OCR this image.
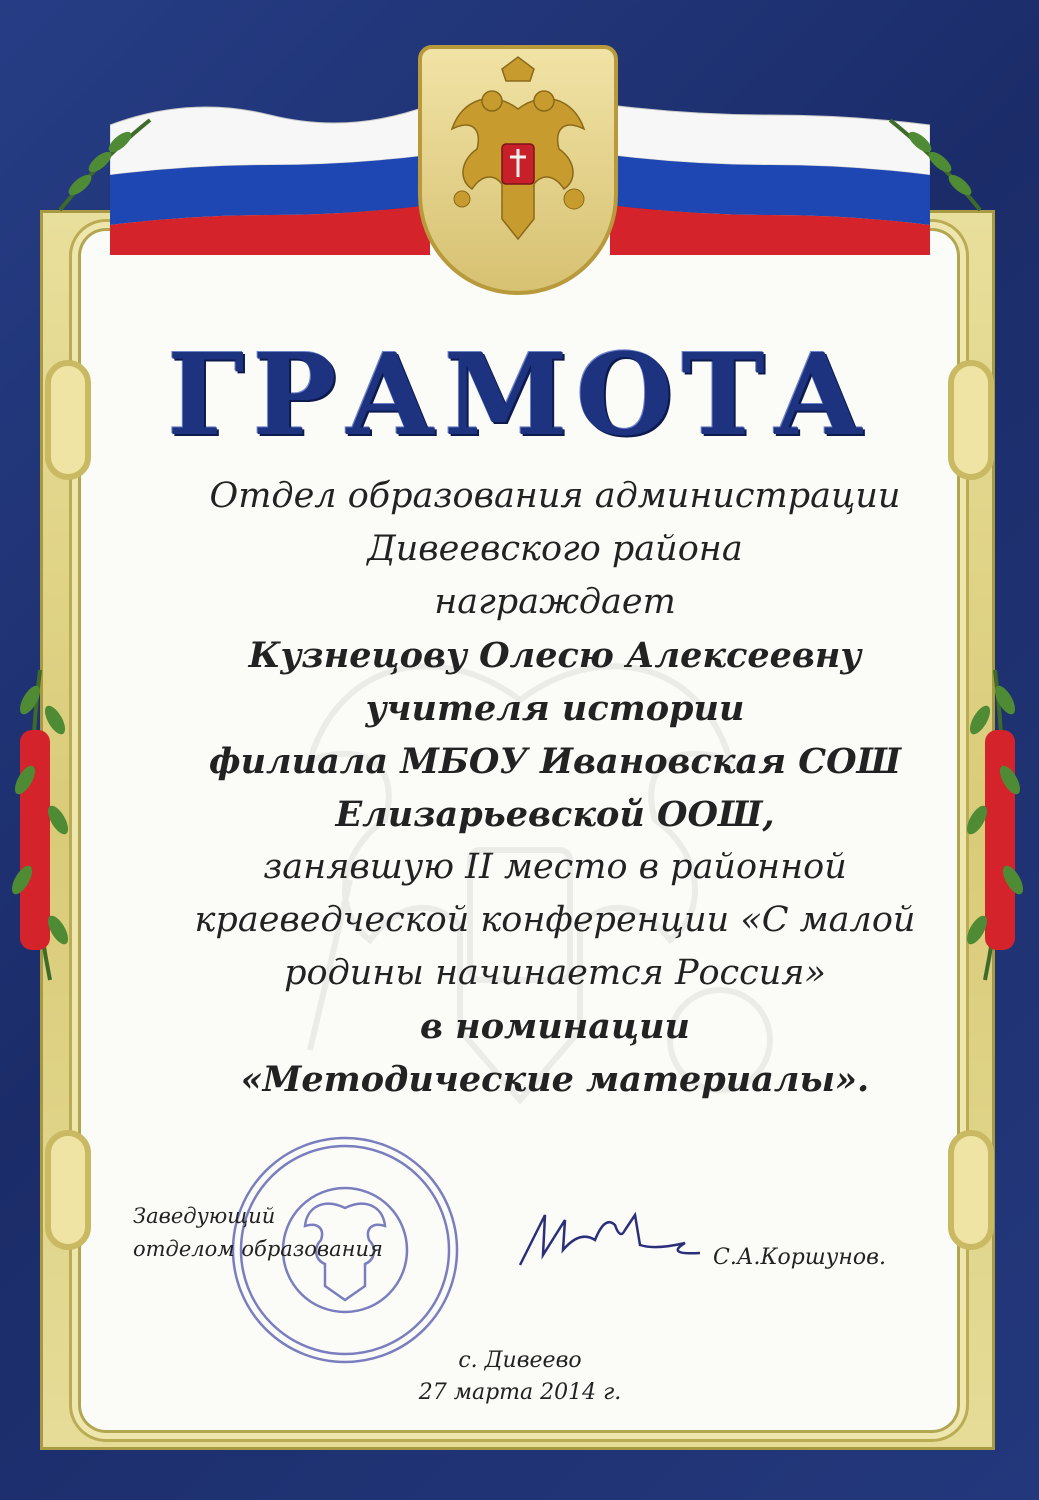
ГРАМОТА
Отдел образования администрации
Дивеевского района
награждает
Кузнецову Олесю Алексеевну
учителя истории
филиала МБОУ Ивановская СОШ
Елизарьевской ООШ,
занявшую II место в районной
краеведческой конференции «С малой
родины начинается Россия»
в номинации
«Методические материалы».
Заведующий
отделом образования	С.А.Коршунов.
с. Дивеево
27 марта 2014 г.
